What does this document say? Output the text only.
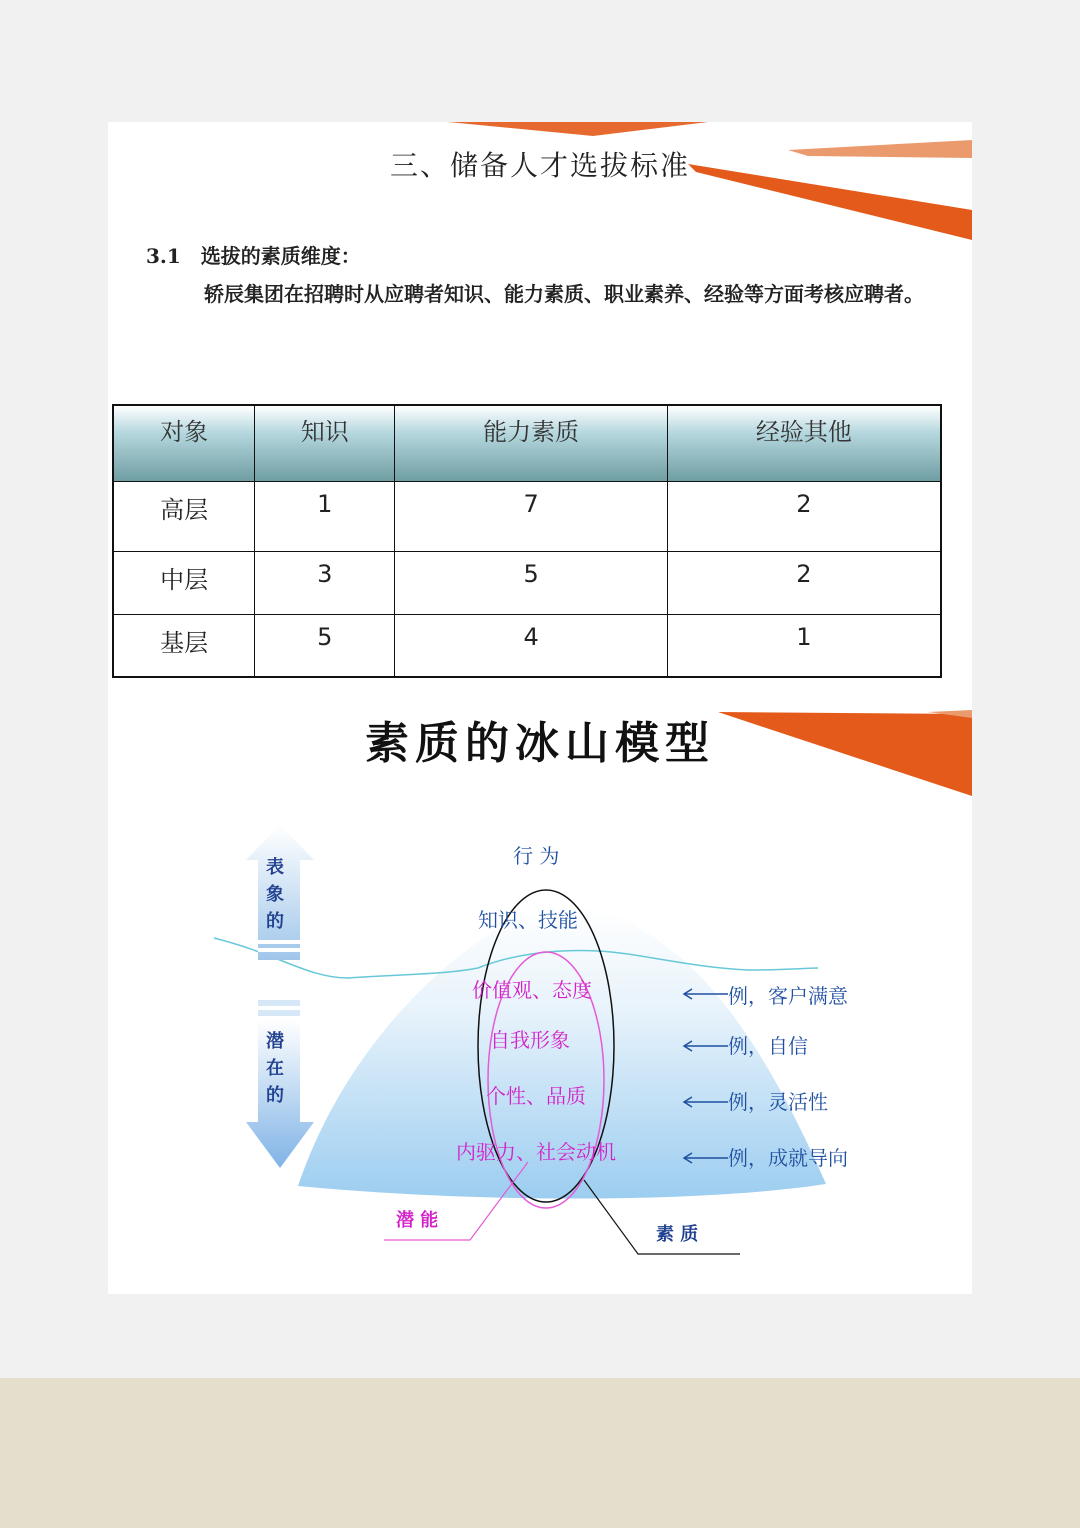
三、储备人才选拔标准
3.1　选拔的素质维度：
轿辰集团在招聘时从应聘者知识、能力素质、职业素养、经验等方面考核应聘者。
对象	知识	能力素质	经验其他
高层	1	7	2
中层	3	5	2
基层	5	4	1
素质的冰山模型
表象的
潜在的
行 为
知识、技能
价值观、态度
自我形象
个性、品质
内驱力、社会动机
例，客户满意
例，自信
例，灵活性
例，成就导向
潜 能
素 质
